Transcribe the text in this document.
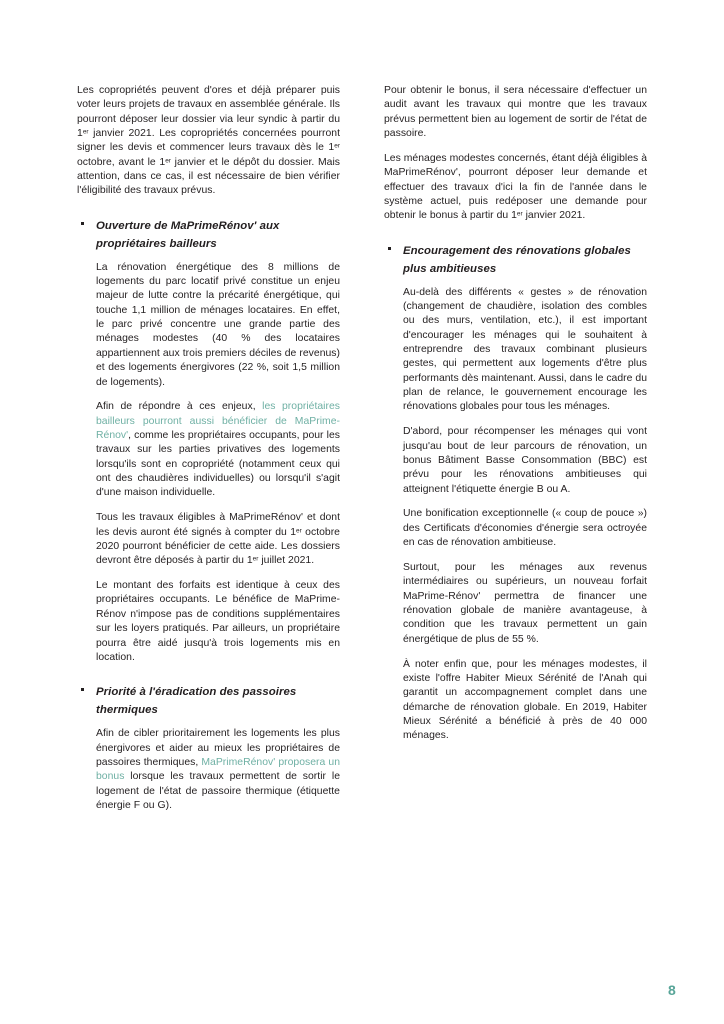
Les copropriétés peuvent d'ores et déjà préparer puis voter leurs projets de travaux en assemblée générale. Ils pourront déposer leur dossier via leur syndic à partir du 1er janvier 2021. Les copropriétés concernées pourront signer les devis et commencer leurs travaux dès le 1er octobre, avant le 1er janvier et le dépôt du dossier. Mais attention, dans ce cas, il est nécessaire de bien vérifier l'éligibilité des travaux prévus.

Ouverture de MaPrimeRénov' aux propriétaires bailleurs

La rénovation énergétique des 8 millions de logements du parc locatif privé constitue un enjeu majeur de lutte contre la précarité énergétique, qui touche 1,1 million de ménages locataires. En effet, le parc privé concentre une grande partie des ménages modestes (40 % des locataires appartiennent aux trois premiers déciles de revenus) et des logements énergivores (22 %, soit 1,5 million de logements).

Afin de répondre à ces enjeux, les propriétaires bailleurs pourront aussi bénéficier de MaPrime-Rénov', comme les propriétaires occupants, pour les travaux sur les parties privatives des logements lorsqu'ils sont en copropriété (notamment ceux qui ont des chaudières individuelles) ou lorsqu'il s'agit d'une maison individuelle.

Tous les travaux éligibles à MaPrimeRénov' et dont les devis auront été signés à compter du 1er octobre 2020 pourront bénéficier de cette aide. Les dossiers devront être déposés à partir du 1er juillet 2021.

Le montant des forfaits est identique à ceux des propriétaires occupants. Le bénéfice de MaPrime-Rénov n'impose pas de conditions supplémentaires sur les loyers pratiqués. Par ailleurs, un propriétaire pourra être aidé jusqu'à trois logements mis en location.

Priorité à l'éradication des passoires thermiques

Afin de cibler prioritairement les logements les plus énergivores et aider au mieux les propriétaires de passoires thermiques, MaPrimeRénov' proposera un bonus lorsque les travaux permettent de sortir le logement de l'état de passoire thermique (étiquette énergie F ou G).

Pour obtenir le bonus, il sera nécessaire d'effectuer un audit avant les travaux qui montre que les travaux prévus permettent bien au logement de sortir de l'état de passoire.

Les ménages modestes concernés, étant déjà éligibles à MaPrimeRénov', pourront déposer leur demande et effectuer des travaux d'ici la fin de l'année dans le système actuel, puis redéposer une demande pour obtenir le bonus à partir du 1er janvier 2021.

Encouragement des rénovations globales plus ambitieuses

Au-delà des différents « gestes » de rénovation (changement de chaudière, isolation des combles ou des murs, ventilation, etc.), il est important d'encourager les ménages qui le souhaitent à entreprendre des travaux combinant plusieurs gestes, qui permettent aux logements d'être plus performants dès maintenant. Aussi, dans le cadre du plan de relance, le gouvernement encourage les rénovations globales pour tous les ménages.

D'abord, pour récompenser les ménages qui vont jusqu'au bout de leur parcours de rénovation, un bonus Bâtiment Basse Consommation (BBC) est prévu pour les rénovations ambitieuses qui atteignent l'étiquette énergie B ou A.

Une bonification exceptionnelle (« coup de pouce ») des Certificats d'économies d'énergie sera octroyée en cas de rénovation ambitieuse.

Surtout, pour les ménages aux revenus intermédiaires ou supérieurs, un nouveau forfait MaPrime-Rénov' permettra de financer une rénovation globale de manière avantageuse, à condition que les travaux permettent un gain énergétique de plus de 55 %.

À noter enfin que, pour les ménages modestes, il existe l'offre Habiter Mieux Sérénité de l'Anah qui garantit un accompagnement complet dans une démarche de rénovation globale. En 2019, Habiter Mieux Sérénité a bénéficié à près de 40 000 ménages.

8
